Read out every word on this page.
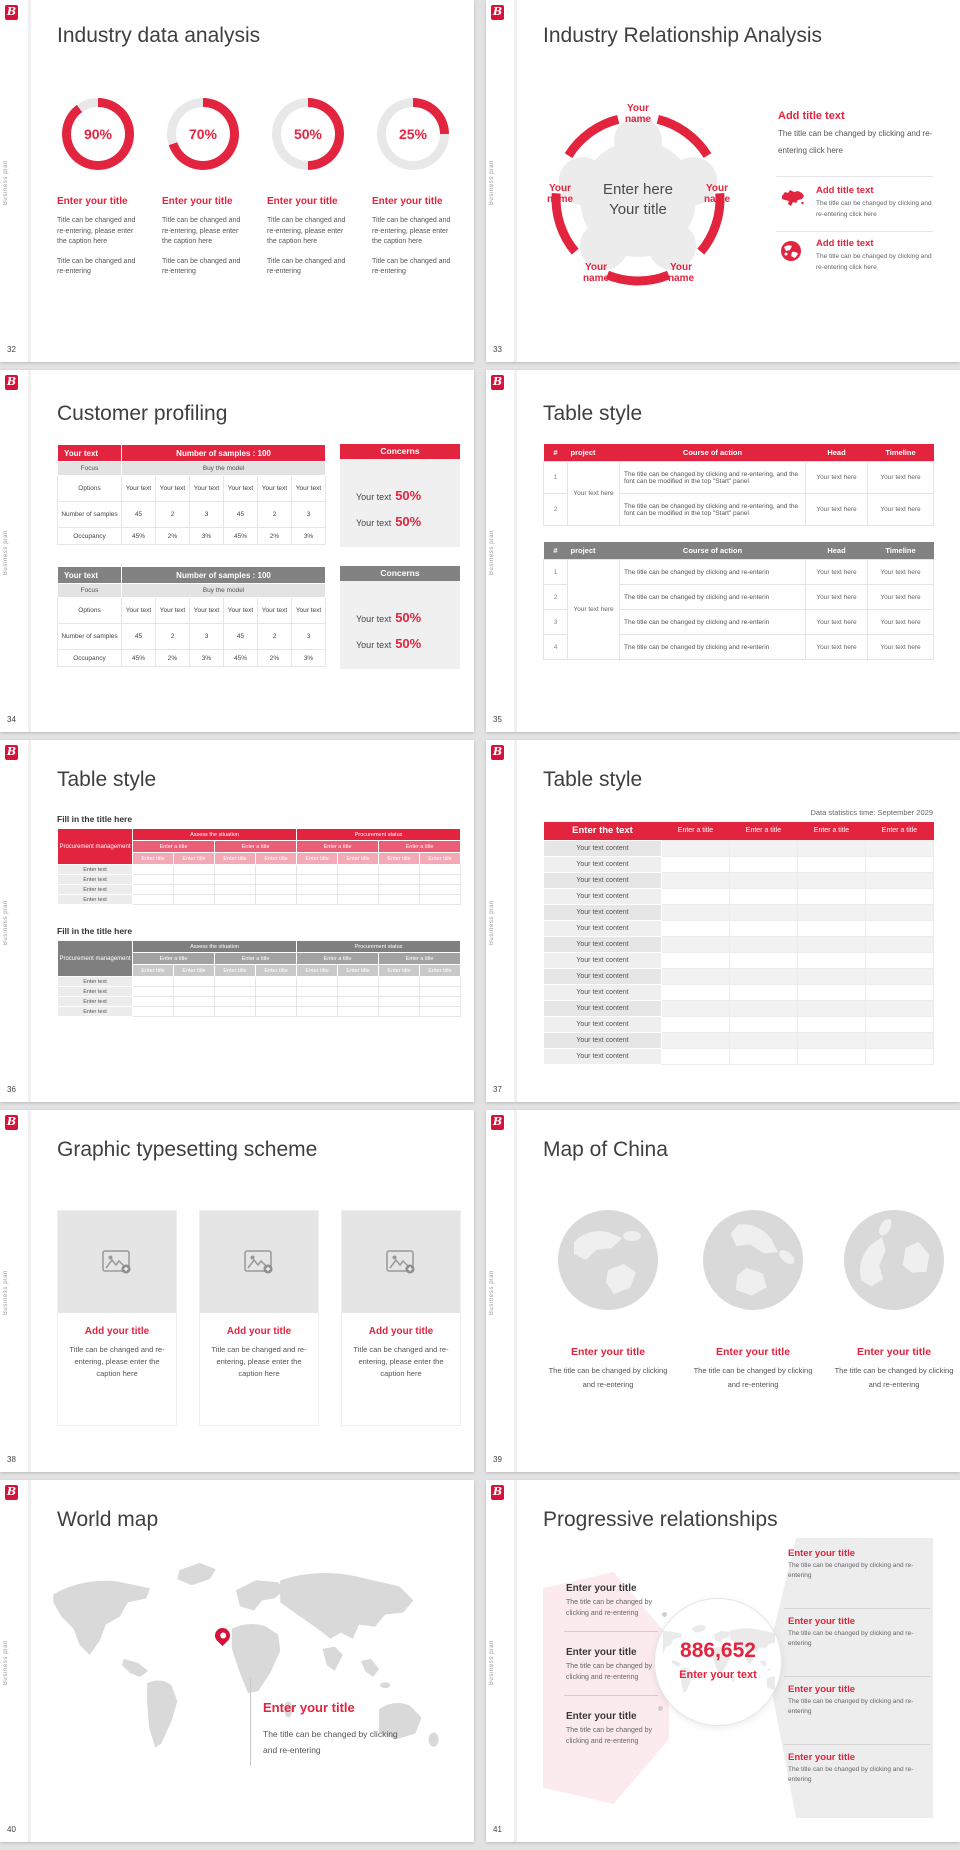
B
Business plan
Industry data analysis
90%
Enter your title
Title can be changed and re-entering, please enter the caption here
Title can be changed and re-entering
70%
Enter your title
Title can be changed and re-entering, please enter the caption here
Title can be changed and re-entering
50%
Enter your title
Title can be changed and re-entering, please enter the caption here
Title can be changed and re-entering
25%
Enter your title
Title can be changed and re-entering, please enter the caption here
Title can be changed and re-entering
32
B
Business plan
Industry Relationship Analysis
Your name
Your name
Your name
Your name
Your name
Enter here
Your title
Add title text
The title can be changed by clicking and re-entering click here
Add title text
The title can be changed by clicking and re-entering click here
Add title text
The title can be changed by clicking and re-entering click here
33
B
Business plan
Customer profiling
Your text	Number of samples : 100					
Focus	Buy the model					
Options	Your text	Your text	Your text	Your text	Your text	Your text
Number of samples	45	2	3	45	2	3
Occupancy	45%	2%	3%	45%	2%	3%
Concerns
Your text 50%
Your text 50%
Your text	Number of samples : 100					
Focus	Buy the model					
Options	Your text	Your text	Your text	Your text	Your text	Your text
Number of samples	45	2	3	45	2	3
Occupancy	45%	2%	3%	45%	2%	3%
Concerns
Your text 50%
Your text 50%
34
B
Business plan
Table style
#	project	Course of action	Head	Timeline
1	Your text here	The title can be changed by clicking and re-entering, and the font can be modified in the top "Start" panel	Your text here	Your text here
2		The title can be changed by clicking and re-entering, and the font can be modified in the top "Start" panel	Your text here	Your text here
#	project	Course of action	Head	Timeline
1	Your text here	The title can be changed by clicking and re-enterin	Your text here	Your text here
2		The title can be changed by clicking and re-enterin	Your text here	Your text here
3		The title can be changed by clicking and re-enterin	Your text here	Your text here
4		The title can be changed by clicking and re-enterin	Your text here	Your text here
35
B
Business plan
Table style
Fill in the title here
Procurement management	Assess the situation				Procurement status			
	Enter a title		Enter a title		Enter a title		Enter a title	
	Enter title	Enter title	Enter title	Enter title	Enter title	Enter title	Enter title	Enter title
Enter text								
Enter text								
Enter text								
Enter text								
Fill in the title here
Procurement management	Assess the situation				Procurement status			
	Enter a title		Enter a title		Enter a title		Enter a title	
	Enter title	Enter title	Enter title	Enter title	Enter title	Enter title	Enter title	Enter title
Enter text								
Enter text								
Enter text								
Enter text								
36
B
Business plan
Table style
Data statistics time: September 2029
Enter the text	Enter a title	Enter a title	Enter a title	Enter a title
Your text content				
Your text content				
Your text content				
Your text content				
Your text content				
Your text content				
Your text content				
Your text content				
Your text content				
Your text content				
Your text content				
Your text content				
Your text content				
Your text content				
37
B
Business plan
Graphic typesetting scheme
Add your title
Title can be changed and re-entering, please enter the caption here
Add your title
Title can be changed and re-entering, please enter the caption here
Add your title
Title can be changed and re-entering, please enter the caption here
38
B
Business plan
Map of China
Enter your title	Enter your title	Enter your title
The title can be changed by clicking and re-entering
The title can be changed by clicking and re-entering
The title can be changed by clicking and re-entering
39
B
Business plan
World map
Enter your title
The title can be changed by clicking and re-entering
40
B
Business plan
Progressive relationships
Enter your title
The title can be changed by clicking and re-entering
Enter your title
The title can be changed by clicking and re-entering
Enter your title
The title can be changed by clicking and re-entering
Enter your title
The title can be changed by clicking and re-entering
Enter your title
The title can be changed by clicking and re-entering
Enter your title
The title can be changed by clicking and re-entering
Enter your title
The title can be changed by clicking and re-entering
886,652
Enter your text
41
